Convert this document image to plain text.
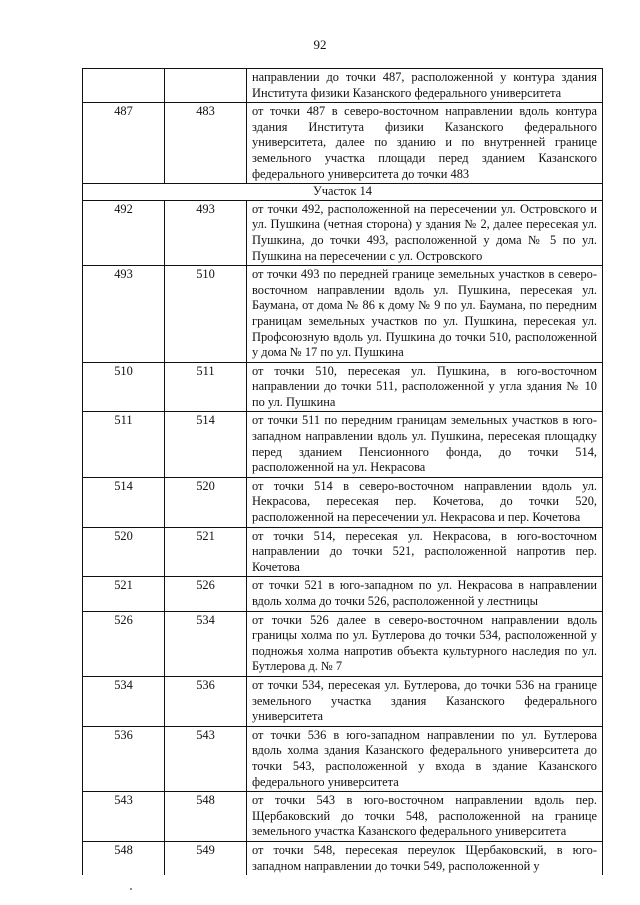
92
		направлении до точки 487, расположенной у контура здания Института физики Казанского федерального университета
487	483	от точки 487 в северо-восточном направлении вдоль контура здания Института физики Казанского федерального университета, далее по зданию и по внутренней границе земельного участка площади перед зданием Казанского федерального университета до точки 483
Участок 14		
492	493	от точки 492, расположенной на пересечении ул. Островского и ул. Пушкина (четная сторона) у здания № 2, далее пересекая ул. Пушкина, до точки 493, расположенной у дома № 5 по ул. Пушкина на пересечении с ул. Островского
493	510	от точки 493 по передней границе земельных участков в северо-восточном направлении вдоль ул. Пушкина, пересекая ул. Баумана, от дома № 86 к дому № 9 по ул. Баумана, по передним границам земельных участков по ул. Пушкина, пересекая ул. Профсоюзную вдоль ул. Пушкина до точки 510, расположенной у дома № 17 по ул. Пушкина
510	511	от точки 510, пересекая ул. Пушкина, в юго-восточном направлении до точки 511, расположенной у угла здания № 10 по ул. Пушкина
511	514	от точки 511 по передним границам земельных участков в юго-западном направлении вдоль ул. Пушкина, пересекая площадку перед зданием Пенсионного фонда, до точки 514, расположенной на ул. Некрасова
514	520	от точки 514 в северо-восточном направлении вдоль ул. Некрасова, пересекая пер. Кочетова, до точки 520, расположенной на пересечении ул. Некрасова и пер. Кочетова
520	521	от точки 514, пересекая ул. Некрасова, в юго-восточном направлении до точки 521, расположенной напротив пер. Кочетова
521	526	от точки 521 в юго-западном по ул. Некрасова в направлении вдоль холма до точки 526, расположенной у лестницы
526	534	от точки 526 далее в северо-восточном направлении вдоль границы холма по ул. Бутлерова до точки 534, расположенной у подножья холма напротив объекта культурного наследия по ул. Бутлерова д. № 7
534	536	от точки 534, пересекая ул. Бутлерова, до точки 536 на границе земельного участка здания Казанского федерального университета
536	543	от точки 536 в юго-западном направлении по ул. Бутлерова вдоль холма здания Казанского федерального университета до точки 543, расположенной у входа в здание Казанского федерального университета
543	548	от точки 543 в юго-восточном направлении вдоль пер. Щербаковский до точки 548, расположенной на границе земельного участка Казанского федерального университета
548	549	от точки 548, пересекая переулок Щербаковский, в юго-западном направлении до точки 549, расположенной у
